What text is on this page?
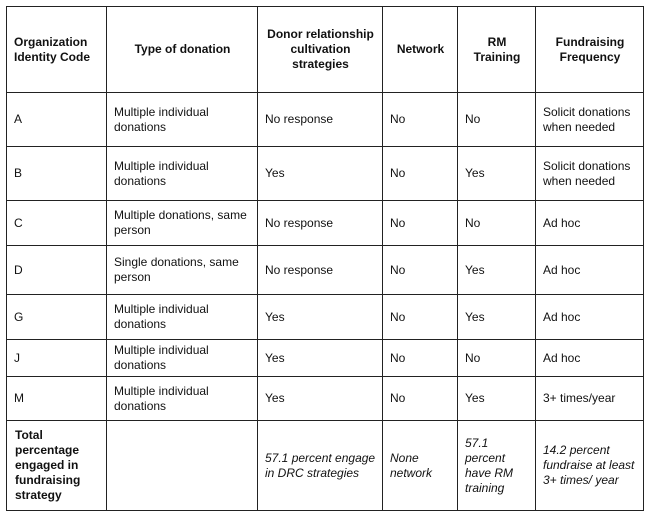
Organization Identity Code	Type of donation	Donor relationship cultivation strategies	Network	RM Training	Fundraising Frequency
A	Multiple individual donations	No response	No	No	Solicit donations when needed
B	Multiple individual donations	Yes	No	Yes	Solicit donations when needed
C	Multiple donations, same person	No response	No	No	Ad hoc
D	Single donations, same person	No response	No	Yes	Ad hoc
G	Multiple individual donations	Yes	No	Yes	Ad hoc
J	Multiple individual donations	Yes	No	No	Ad hoc
M	Multiple individual donations	Yes	No	Yes	3+ times/year
Total percentage engaged in fundraising strategy		57.1 percent engage in DRC strategies	None network	57.1 percent have RM training	14.2 percent fundraise at least 3+ times/ year
